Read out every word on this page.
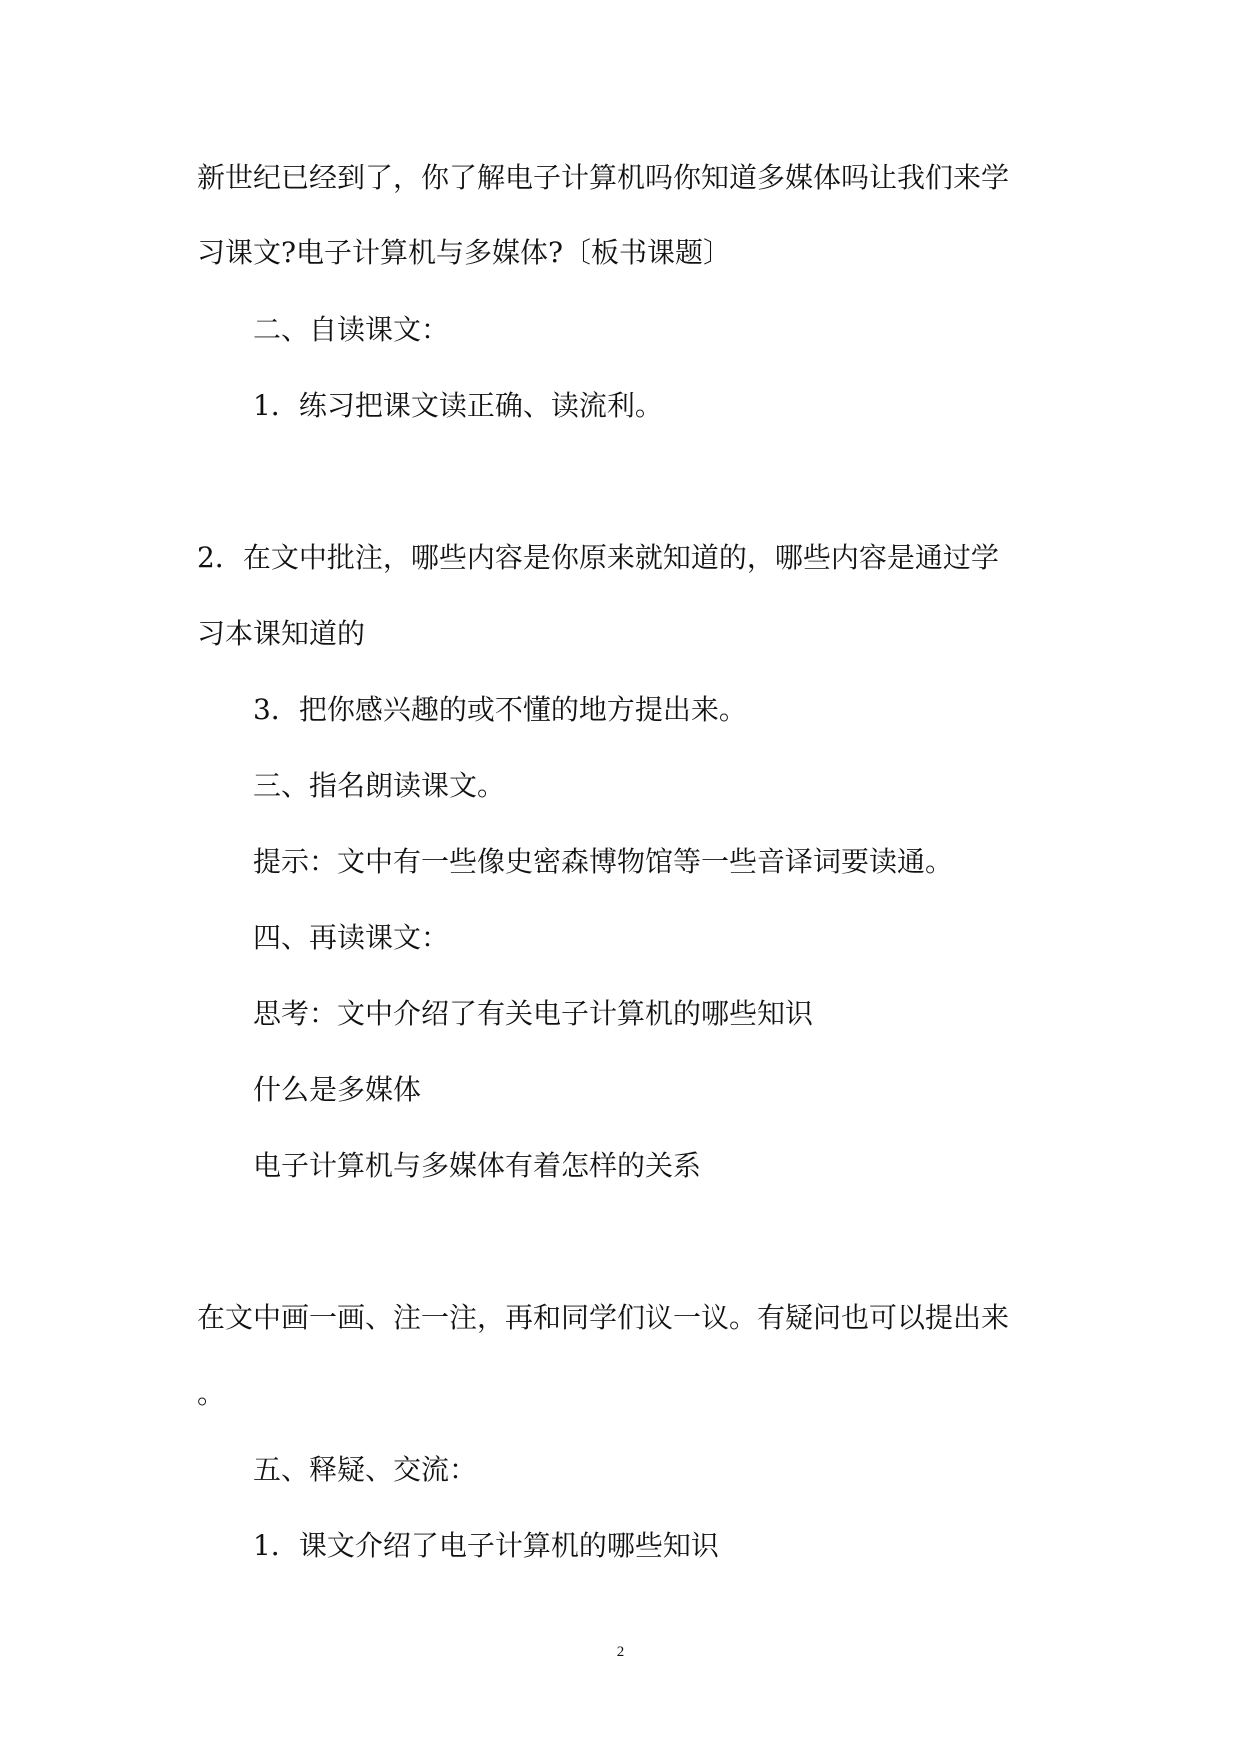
新世纪已经到了，你了解电子计算机吗你知道多媒体吗让我们来学
习课文?电子计算机与多媒体?〔板书课题〕
二、自读课文：
1．练习把课文读正确、读流利。
2．在文中批注，哪些内容是你原来就知道的，哪些内容是通过学
习本课知道的
3．把你感兴趣的或不懂的地方提出来。
三、指名朗读课文。
提示：文中有一些像史密森博物馆等一些音译词要读通。
四、再读课文：
思考：文中介绍了有关电子计算机的哪些知识
什么是多媒体
电子计算机与多媒体有着怎样的关系
在文中画一画、注一注，再和同学们议一议。有疑问也可以提出来
。
五、释疑、交流：
1．课文介绍了电子计算机的哪些知识
2
